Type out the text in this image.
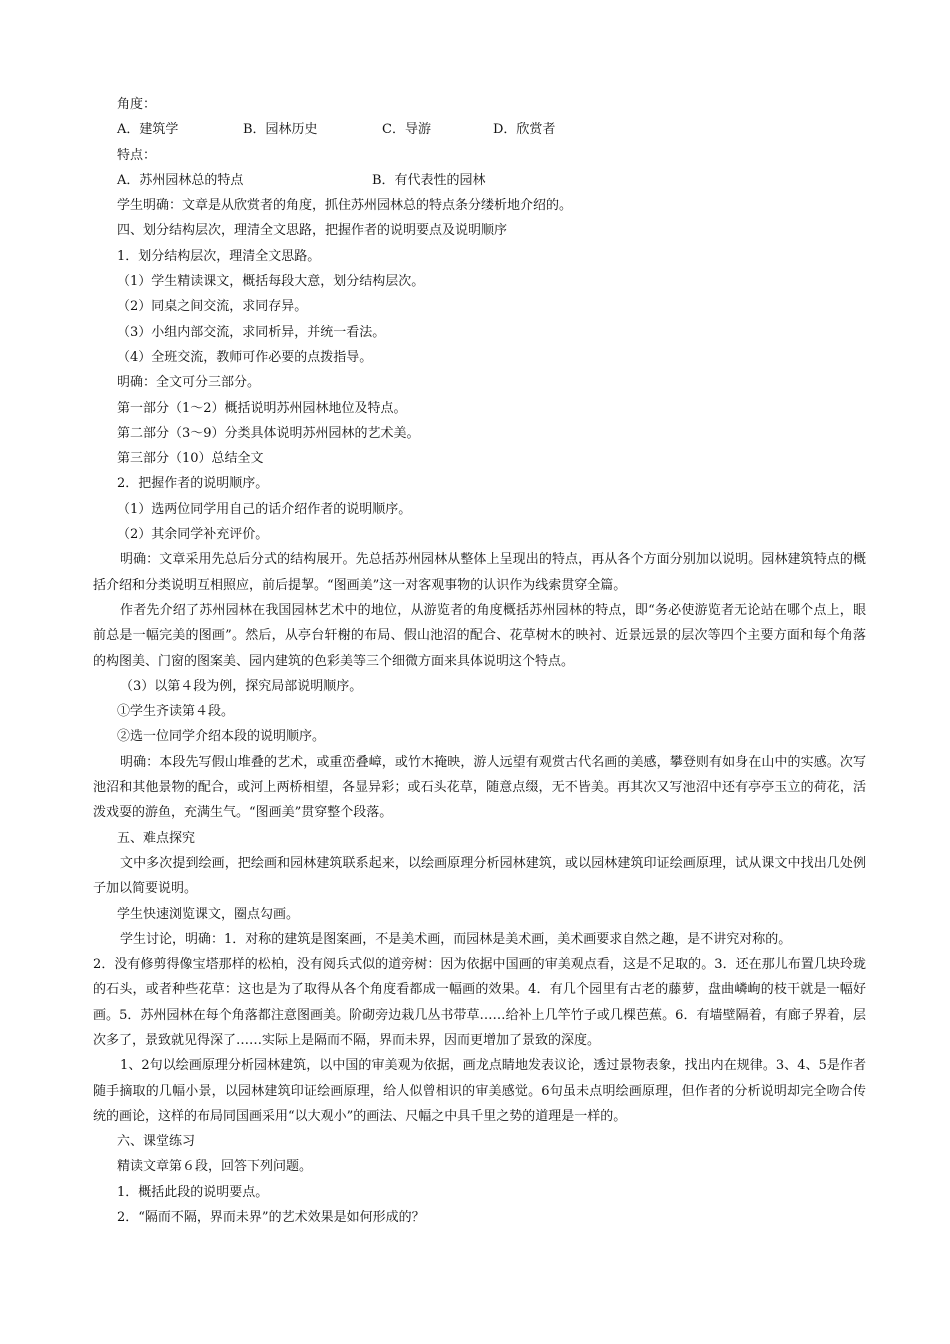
角度：
A．建筑学	B．园林历史	C．导游	D．欣赏者
特点：
A．苏州园林总的特点	B．有代表性的园林
学生明确：文章是从欣赏者的角度，抓住苏州园林总的特点条分缕析地介绍的。
四、划分结构层次，理清全文思路，把握作者的说明要点及说明顺序
1．划分结构层次，理清全文思路。
（1）学生精读课文，概括每段大意，划分结构层次。
（2）同桌之间交流，求同存异。
（3）小组内部交流，求同析异，并统一看法。
（4）全班交流，教师可作必要的点拨指导。
明确：全文可分三部分。
第一部分（1～2）概括说明苏州园林地位及特点。
第二部分（3～9）分类具体说明苏州园林的艺术美。
第三部分（10）总结全文
2．把握作者的说明顺序。
（1）选两位同学用自己的话介绍作者的说明顺序。
（2）其余同学补充评价。

明确：文章采用先总后分式的结构展开。先总括苏州园林从整体上呈现出的特点，再从各个方面分别加以说明。园林建筑特点的概括介绍和分类说明互相照应，前后提挈。“图画美”这一对客观事物的认识作为线索贯穿全篇。

作者先介绍了苏州园林在我国园林艺术中的地位，从游览者的角度概括苏州园林的特点，即“务必使游览者无论站在哪个点上，眼前总是一幅完美的图画”。然后，从亭台轩榭的布局、假山池沼的配合、花草树木的映衬、近景远景的层次等四个主要方面和每个角落的构图美、门窗的图案美、园内建筑的色彩美等三个细微方面来具体说明这个特点。

（3）以第４段为例，探究局部说明顺序。
①学生齐读第４段。
②选一位同学介绍本段的说明顺序。

明确：本段先写假山堆叠的艺术，或重峦叠嶂，或竹木掩映，游人远望有观赏古代名画的美感，攀登则有如身在山中的实感。次写池沼和其他景物的配合，或河上两桥相望，各显异彩；或石头花草，随意点缀，无不皆美。再其次又写池沼中还有亭亭玉立的荷花，活泼戏耍的游鱼，充满生气。“图画美”贯穿整个段落。

五、难点探究

文中多次提到绘画，把绘画和园林建筑联系起来，以绘画原理分析园林建筑，或以园林建筑印证绘画原理，试从课文中找出几处例子加以简要说明。

学生快速浏览课文，圈点勾画。

学生讨论，明确：1．对称的建筑是图案画，不是美术画，而园林是美术画，美术画要求自然之趣，是不讲究对称的。

2．没有修剪得像宝塔那样的松柏，没有阅兵式似的道旁树：因为依据中国画的审美观点看，这是不足取的。3．还在那儿布置几块玲珑的石头，或者种些花草：这也是为了取得从各个角度看都成一幅画的效果。4．有几个园里有古老的藤萝，盘曲嶙峋的枝干就是一幅好画。5．苏州园林在每个角落都注意图画美。阶砌旁边栽几丛书带草……给补上几竿竹子或几棵芭蕉。6．有墙壁隔着，有廊子界着，层次多了，景致就见得深了……实际上是隔而不隔，界而未界，因而更增加了景致的深度。

1、2句以绘画原理分析园林建筑，以中国的审美观为依据，画龙点睛地发表议论，透过景物表象，找出内在规律。3、4、5是作者随手摘取的几幅小景，以园林建筑印证绘画原理，给人似曾相识的审美感觉。6句虽未点明绘画原理，但作者的分析说明却完全吻合传统的画论，这样的布局同国画采用“以大观小”的画法、尺幅之中具千里之势的道理是一样的。

六、课堂练习
精读文章第６段，回答下列问题。
1．概括此段的说明要点。
2．“隔而不隔，界而未界”的艺术效果是如何形成的？
